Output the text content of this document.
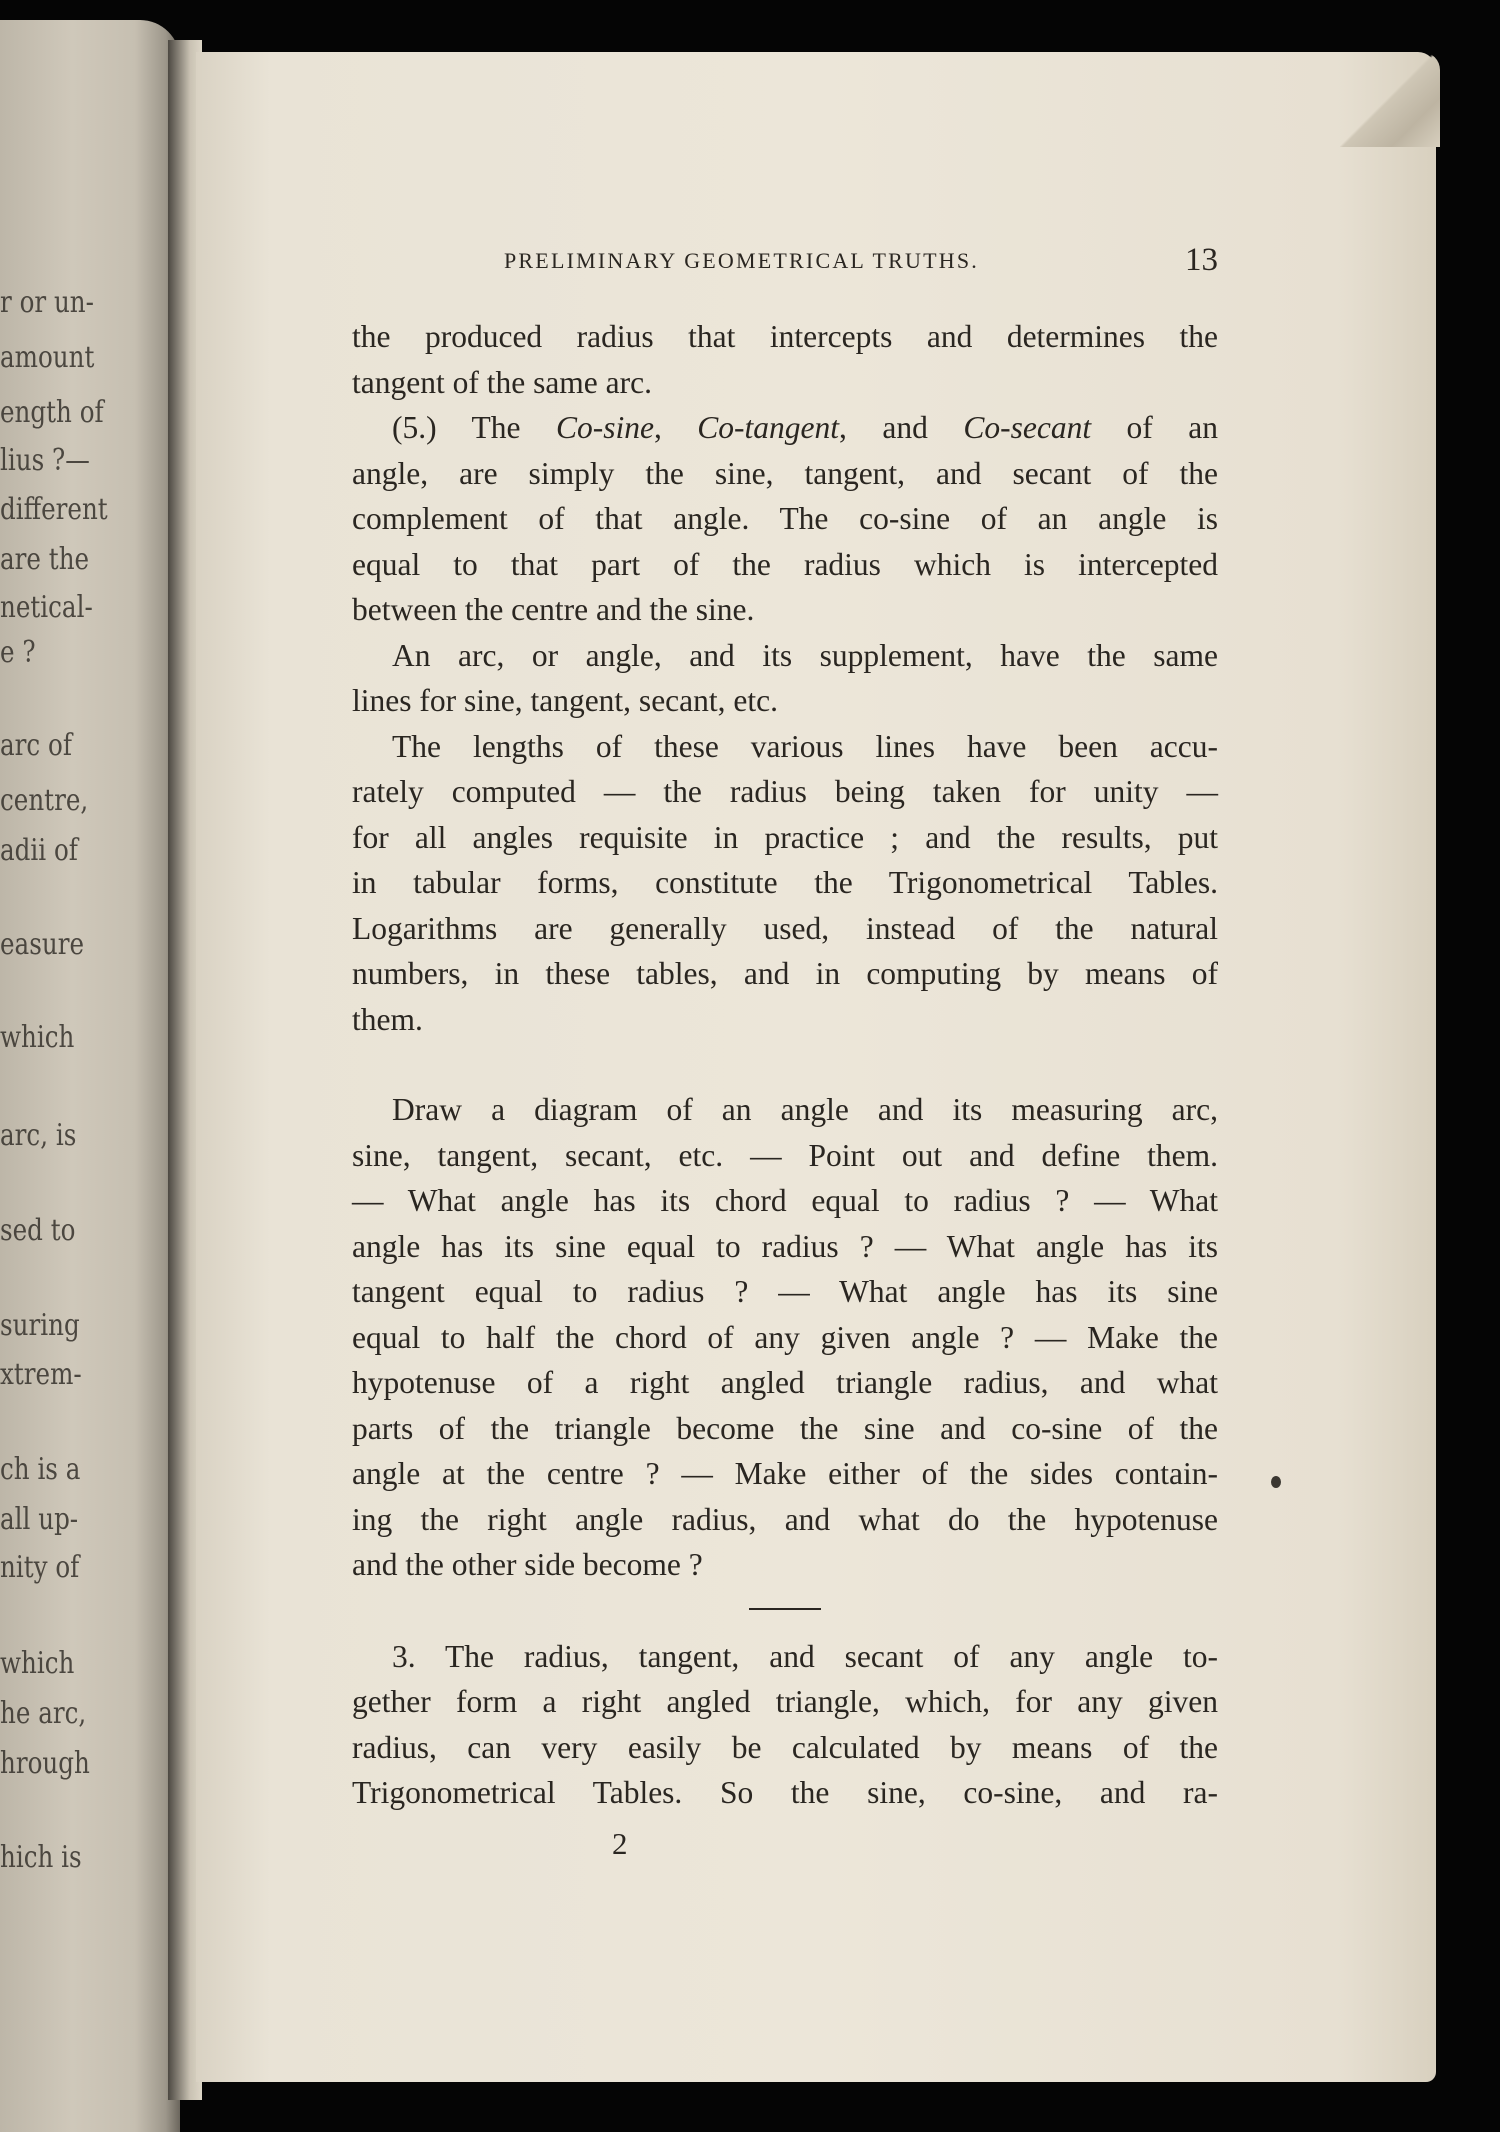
r or un-
amount
ength of
lius ?—
different
are the
netical-
e ?
arc of
centre,
adii of
easure
which
arc, is
sed to
suring
xtrem-
ch is a
all up-
nity of
which
he arc,
hrough
hich is
PRELIMINARY GEOMETRICAL TRUTHS.	13

the produced radius that intercepts and determines the

tangent of the same arc.

(5.) The Co-sine, Co-tangent, and Co-secant of an

angle, are simply the sine, tangent, and secant of the

complement of that angle. The co-sine of an angle is

equal to that part of the radius which is intercepted

between the centre and the sine.

An arc, or angle, and its supplement, have the same

lines for sine, tangent, secant, etc.

The lengths of these various lines have been accu-

rately computed — the radius being taken for unity —

for all angles requisite in practice ; and the results, put

in tabular forms, constitute the Trigonometrical Tables.

Logarithms are generally used, instead of the natural

numbers, in these tables, and in computing by means of

them.

Draw a diagram of an angle and its measuring arc,

sine, tangent, secant, etc. — Point out and define them.

— What angle has its chord equal to radius ? — What

angle has its sine equal to radius ? — What angle has its

tangent equal to radius ? — What angle has its sine

equal to half the chord of any given angle ? — Make the

hypotenuse of a right angled triangle radius, and what

parts of the triangle become the sine and co-sine of the

angle at the centre ? — Make either of the sides contain-

ing the right angle radius, and what do the hypotenuse

and the other side become ?

3. The radius, tangent, and secant of any angle to-

gether form a right angled triangle, which, for any given

radius, can very easily be calculated by means of the

Trigonometrical Tables. So the sine, co-sine, and ra-

2
